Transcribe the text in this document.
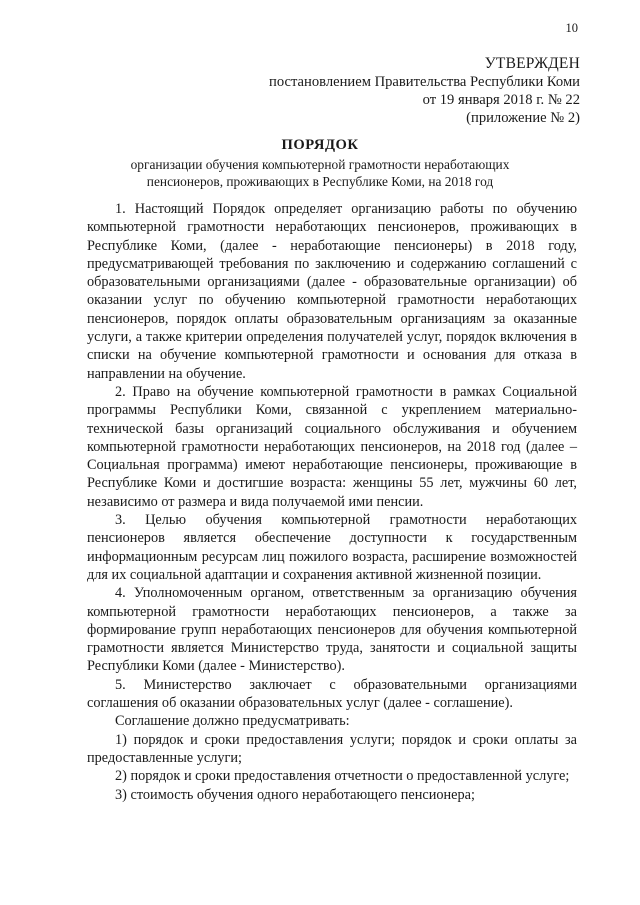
10
УТВЕРЖДЕН
постановлением Правительства Республики Коми
от 19 января 2018 г. № 22
(приложение № 2)
ПОРЯДОК
организации обучения компьютерной грамотности неработающих
пенсионеров, проживающих в Республике Коми, на 2018 год

1. Настоящий Порядок определяет организацию работы по обучению компьютерной грамотности неработающих пенсионеров, проживающих в Республике Коми, (далее - неработающие пенсионеры) в 2018 году, предусматривающей требования по заключению и содержанию соглашений с образовательными организациями (далее - образовательные организации) об оказании услуг по обучению компьютерной грамотности неработающих пенсионеров, порядок оплаты образовательным организациям за оказанные услуги, а также критерии определения получателей услуг, порядок включения в списки на обучение компьютерной грамотности и основания для отказа в направлении на обучение.

2. Право на обучение компьютерной грамотности в рамках Социальной программы Республики Коми, связанной с укреплением материально-технической базы организаций социального обслуживания и обучением компьютерной грамотности неработающих пенсионеров, на 2018 год (далее – Социальная программа) имеют неработающие пенсионеры, проживающие в Республике Коми и достигшие возраста: женщины 55 лет, мужчины 60 лет, независимо от размера и вида получаемой ими пенсии.

3. Целью обучения компьютерной грамотности неработающих пенсионеров является обеспечение доступности к государственным информационным ресурсам лиц пожилого возраста, расширение возможностей для их социальной адаптации и сохранения активной жизненной позиции.

4. Уполномоченным органом, ответственным за организацию обучения компьютерной грамотности неработающих пенсионеров, а также за формирование групп неработающих пенсионеров для обучения компьютерной грамотности является Министерство труда, занятости и социальной защиты Республики Коми (далее - Министерство).

5. Министерство заключает с образовательными организациями соглашения об оказании образовательных услуг (далее - соглашение).

Соглашение должно предусматривать:

1) порядок и сроки предоставления услуги; порядок и сроки оплаты за предоставленные услуги;

2) порядок и сроки предоставления отчетности о предоставленной услуге;

3) стоимость обучения одного неработающего пенсионера;
